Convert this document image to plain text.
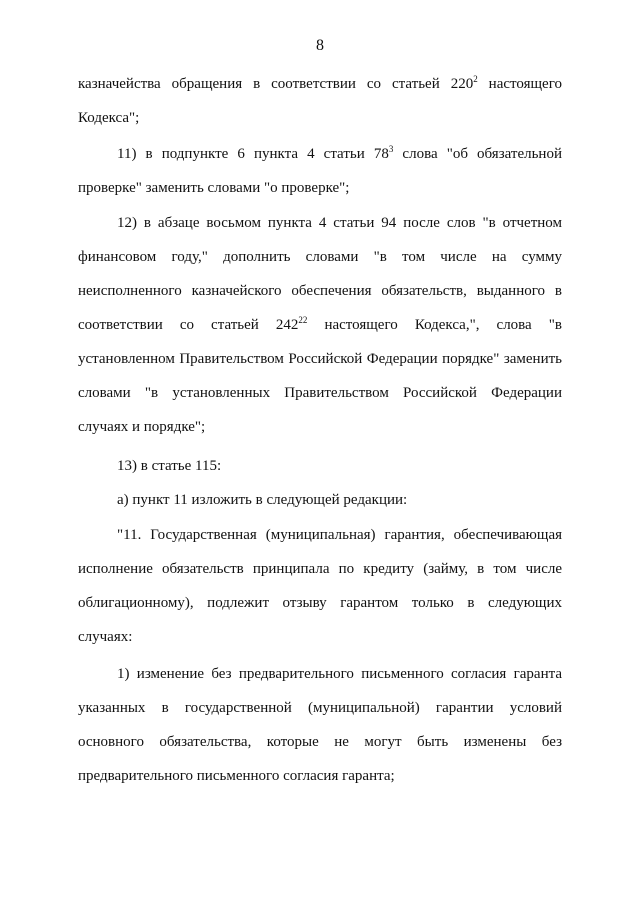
8
казначейства обращения в соответствии со статьей $220^2$ настоящего
Кодекса";
11) в подпункте 6 пункта 4 статьи $78^3$ слова "об обязательной
проверке" заменить словами "о проверке";
12) в абзаце восьмом пункта 4 статьи 94 после слов "в отчетном
финансовом году," дополнить словами "в том числе на сумму
неисполненного казначейского обеспечения обязательств, выданного в
соответствии со статьей $242^{22}$ настоящего Кодекса,", слова "в
установленном Правительством Российской Федерации порядке" заменить
словами "в установленных Правительством Российской Федерации
случаях и порядке";
13) в статье 115:
а) пункт 11 изложить в следующей редакции:
"11. Государственная (муниципальная) гарантия, обеспечивающая
исполнение обязательств принципала по кредиту (займу, в том числе
облигационному), подлежит отзыву гарантом только в следующих
случаях:
1) изменение без предварительного письменного согласия гаранта
указанных в государственной (муниципальной) гарантии условий
основного обязательства, которые не могут быть изменены без
предварительного письменного согласия гаранта;
